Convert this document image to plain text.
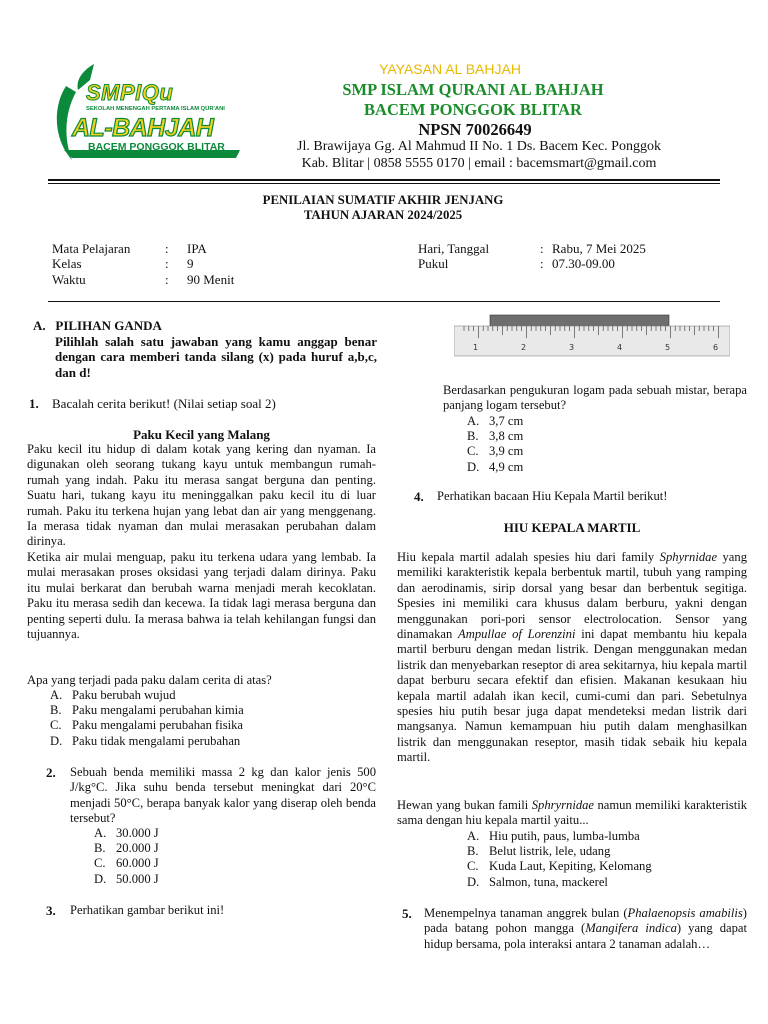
SMPIQu
SEKOLAH MENENGAH PERTAMA ISLAM QUR'ANI
AL-BAHJAH
BACEM PONGGOK BLITAR
YAYASAN AL BAHJAH
SMP ISLAM QURANI AL BAHJAH
BACEM PONGGOK BLITAR
NPSN 70026649
Jl. Brawijaya Gg. Al Mahmud II No. 1 Ds. Bacem Kec. Ponggok
Kab. Blitar | 0858 5555 0170 | email : bacemsmart@gmail.com
PENILAIAN SUMATIF AKHIR JENJANG
TAHUN AJARAN 2024/2025
Mata Pelajaran	: IPA
Kelas	: 9
Waktu	: 90 Menit
Hari, Tanggal	: Rabu, 7 Mei 2025
Pukul	: 07.30-09.00
A.   PILIHAN GANDA

Pilihlah salah satu jawaban yang kamu anggap benar dengan cara memberi tanda silang (x) pada huruf a,b,c, dan d!

1. Bacalah cerita berikut! (Nilai setiap soal 2)
Paku Kecil yang Malang

Paku kecil itu hidup di dalam kotak yang kering dan nyaman. Ia digunakan oleh seorang tukang kayu untuk membangun rumah-rumah yang indah. Paku itu merasa sangat berguna dan penting. Suatu hari, tukang kayu itu meninggalkan paku kecil itu di luar rumah. Paku itu terkena hujan yang lebat dan air yang menggenang. Ia merasa tidak nyaman dan mulai merasakan perubahan dalam dirinya.

Ketika air mulai menguap, paku itu terkena udara yang lembab. Ia mulai merasakan proses oksidasi yang terjadi dalam dirinya. Paku itu mulai berkarat dan berubah warna menjadi merah kecoklatan. Paku itu merasa sedih dan kecewa. Ia tidak lagi merasa berguna dan penting seperti dulu. Ia merasa bahwa ia telah kehilangan fungsi dan tujuannya.

Apa yang terjadi pada paku dalam cerita di atas?
A. Paku berubah wujud
B. Paku mengalami perubahan kimia
C. Paku mengalami perubahan fisika
D. Paku tidak mengalami perubahan
2. Sebuah benda memiliki massa 2 kg dan kalor jenis 500 J/kg°C. Jika suhu benda tersebut meningkat dari 20°C menjadi 50°C, berapa banyak kalor yang diserap oleh benda tersebut?

A. 30.000 J
B. 20.000 J
C. 60.000 J
D. 50.000 J
3. Perhatikan gambar berikut ini!
1	2	3	4	5	6

Berdasarkan pengukuran logam pada sebuah mistar, berapa panjang logam tersebut?

A. 3,7 cm
B. 3,8 cm
C. 3,9 cm
D. 4,9 cm
4. Perhatikan bacaan Hiu Kepala Martil berikut!
HIU KEPALA MARTIL

Hiu kepala martil adalah spesies hiu dari family Sphyrnidae yang memiliki karakteristik kepala berbentuk martil, tubuh yang ramping dan aerodinamis, sirip dorsal yang besar dan berbentuk segitiga. Spesies ini memiliki cara khusus dalam berburu, yakni dengan menggunakan pori-pori sensor electrolocation. Sensor yang dinamakan Ampullae of Lorenzini ini dapat membantu hiu kepala martil berburu dengan medan listrik. Dengan menggunakan medan listrik dan menyebarkan reseptor di area sekitarnya, hiu kepala martil dapat berburu secara efektif dan efisien. Makanan kesukaan hiu kepala martil adalah ikan kecil, cumi-cumi dan pari. Sebetulnya spesies hiu putih besar juga dapat mendeteksi medan listrik dari mangsanya. Namun kemampuan hiu putih dalam menghasilkan listrik dan menggunakan reseptor, masih tidak sebaik hiu kepala martil.

Hewan yang bukan famili Sphryrnidae namun memiliki karakteristik sama dengan hiu kepala martil yaitu...

A. Hiu putih, paus, lumba-lumba
B. Belut listrik, lele, udang
C. Kuda Laut, Kepiting, Kelomang
D. Salmon, tuna, mackerel
5. Menempelnya tanaman anggrek bulan (Phalaenopsis amabilis) pada batang pohon mangga (Mangifera indica) yang dapat hidup bersama, pola interaksi antara 2 tanaman adalah…
